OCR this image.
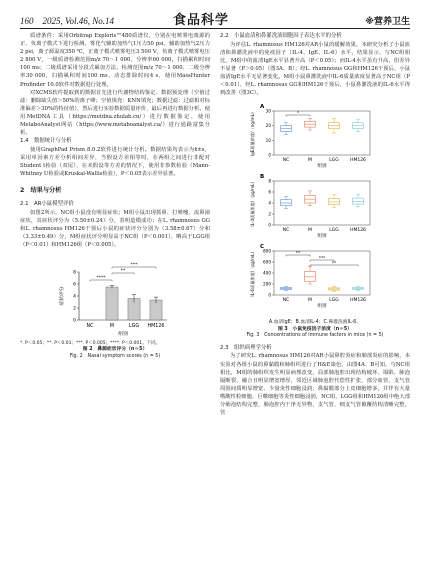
160　 2025, Vol.46, No.14	食品科学	※营养卫生

质谱条件：采用Orbitrap Exploris™480质谱仪，分别在电喷雾电离源的正、负离子模式下进行检测。雾化气辅助加热气1压力50 psi，辅助加热气2压力2 psi，离子源温度350 ℃，正离子模式喷雾电压3 500 V，负离子模式喷雾电压2 800 V，一级质谱检测范围m/z 70～1 000，分辨率60 000，扫描累积时间100 ms；二级质谱采用分段式累加方法，检测范围m/z 70～1 000，二级分辨率30 000，扫描累积时间100 ms，动态排除时间4 s，使用MassHunter Profinder 10.0软件对数据进行处理。

对XCMS软件提取到的数据首先进行代谢物结构鉴定、数据预处理（空值过滤：删除缺失值＞50%的离子峰；空值填充：KNN填充；数据过滤：过滤相对标准偏差＞30%的特征值），然后进行实验数据质量评价，最后再进行数据分析。使用MetDNA工具（https://metdna.zhulab.cn/）进行数据鉴定，使用MetaboAnalyst网站（https://www.metaboanalyst.ca/）进行通路富集分析。

1.4　数据统计与分析

使用GraphPad Prism 8.0.2软件进行统计分析。数据结果均表示为x̄±s，采用单因素方差分析组间差异，当假设方差相等时，在两组之间进行非配对Student t检验（双尾），在未假设等方差的情况下，使用非参数检验（Mann-Whitney U检验或Kruskal-Wallis检验），P＜0.05表示差异显著。

2　结果与分析
2.1　AR小鼠模型评价

如图2所示，NC组小鼠没有明显症状；M组小鼠出现抓鼻、打喷嚏、流鼻涕症状，其症状评分为（5.50±0.24）分，表明造模成功；在L. rhamnosus GG和L. rhamnosus HM126干预后小鼠的症状评分分别为（3.58±0.67）分和（3.33±0.49）分，M组症状评分明显高于NC组（P＜0.001），略高于LGG组（P＜0.01）和HM126组（P＜0.005）。

0
2
4
6
8
症状评分
NC	M	LGG HM126
组别
****
**
***
*. P＜0.05；**. P＜0.01；***. P＜0.005；****. P＜0.001。下同。
图 2　鼻源症状评分（n＝5）
Fig. 2　Nasal symptom scores (n = 5)
2.2　小鼠血清和鼻灌洗液细胞因子表达水平的分析

为评估L. rhamnosus HM126对AR小鼠的缓解效果，本研究分析了小鼠血清和鼻灌洗液中的免疫因子（IL-4、IgE、IL-6）水平，结果显示，与NC组相比，M组中的血清IgE水平显著升高（P＜0.05）；而IL-4水平虽有升高，但差异不显著（P＞0.05）（图3A、B）；经L. rhamnosus GG和HM126干预后，小鼠血清IgE水平无显著变化。M组小鼠鼻灌洗液中IL-6质量浓度显著高于NC组（P＜0.01），经L. rhamnosus GG和HM126干预后，小鼠鼻灌洗液的IL-6水平得到改善（图3C）。

A
0
10
20
30
IgE质量浓度/（ng/mL）
NC	M	LGG	HM126
组别
*
B
0
2
4
6
8
IL-4质量浓度/（pg/mL）
NC	M	LGG	HM126
组别
C
0
200
400
600
800
IL-6质量浓度/（pg/mL）
NC	M	LGG	HM126
组别
**
***
**
A.血清IgE；B.血清IL-4；C.鼻灌洗液IL-6。
图 3　小鼠免疫因子浓度（n＝5）
Fig. 3　Concentrations of immune factors in mice (n = 5)
2.3　组织病理学分析

为了研究L. rhamnosus HM126对AR小鼠鼻腔炎症和肺部炎症的影响，本实验对各组小鼠的鼻黏膜和肺组织进行了H&E染色，由图4A、B可知，与NC组相比，M组的肺组织发生明显病理改变，局部肺泡腔出现结构破坏、塌陷，肺泡隔断裂、融合且明显增宽增厚，邻近区域肺泡腔代偿性扩张，部分血管、支气管周围间质明显增宽、少量炎性细胞浸润；鼻黏膜部分上皮细胞增多，并伴有大量嗜酸性粒细胞、巨噬细胞等炎性细胞浸润，NC组、LGG组和HM126组中绝大部分肺泡结构完整，肺泡腔内干净无异物，支气管、细支气管被覆结构清晰完整，管
